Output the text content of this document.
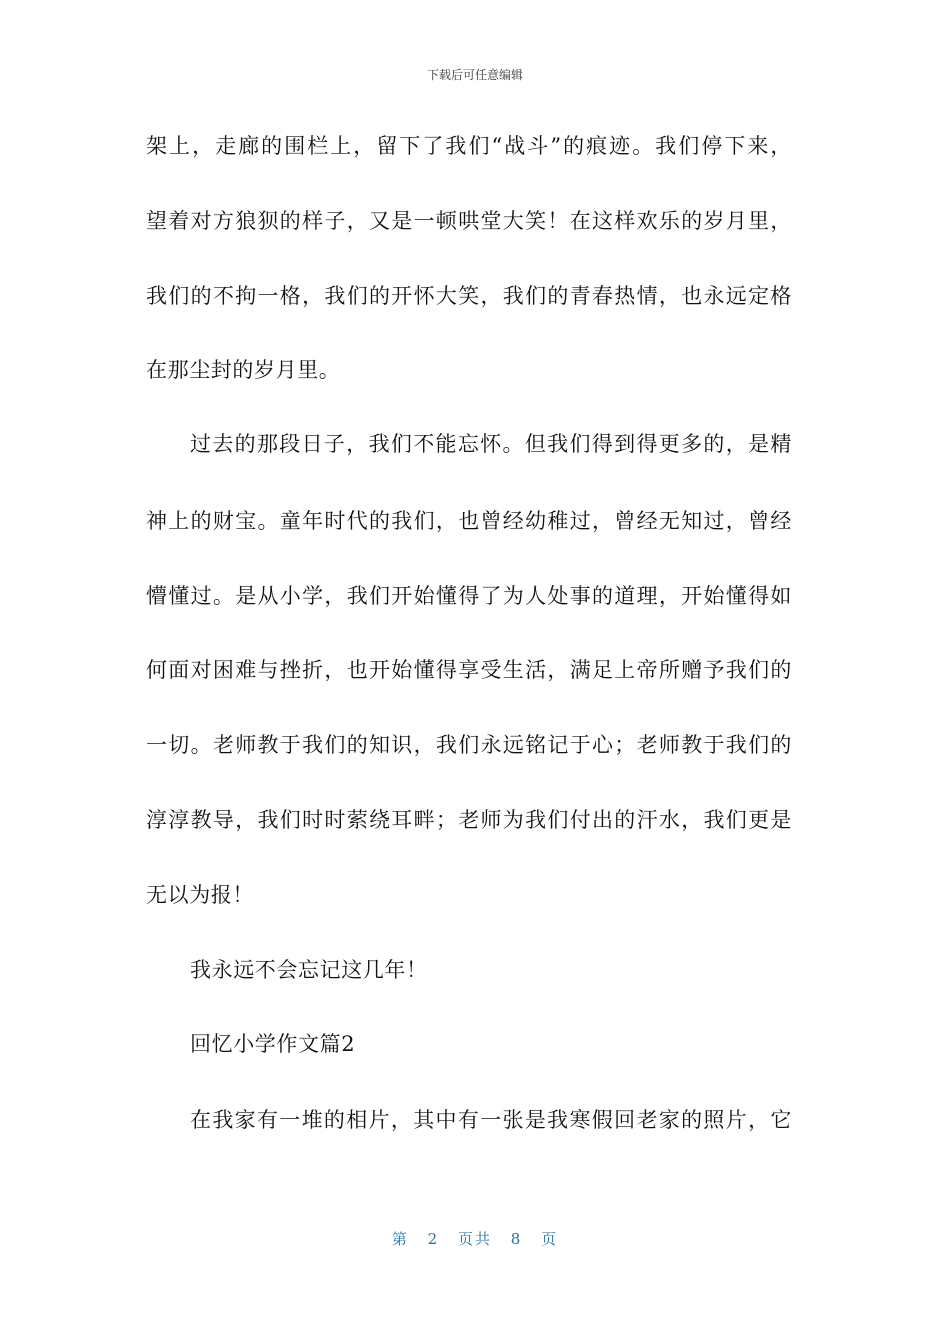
下载后可任意编辑
架上，走廊的围栏上，留下了我们“战斗”的痕迹。我们停下来，
望着对方狼狈的样子，又是一顿哄堂大笑！在这样欢乐的岁月里，
我们的不拘一格，我们的开怀大笑，我们的青春热情，也永远定格
在那尘封的岁月里。
过去的那段日子，我们不能忘怀。但我们得到得更多的，是精
神上的财宝。童年时代的我们，也曾经幼稚过，曾经无知过，曾经
懵懂过。是从小学，我们开始懂得了为人处事的道理，开始懂得如
何面对困难与挫折，也开始懂得享受生活，满足上帝所赠予我们的
一切。老师教于我们的知识，我们永远铭记于心；老师教于我们的
淳淳教导，我们时时萦绕耳畔；老师为我们付出的汗水，我们更是
无以为报！
我永远不会忘记这几年！
回忆小学作文篇2
在我家有一堆的相片，其中有一张是我寒假回老家的照片，它
第 2 页共 8 页
